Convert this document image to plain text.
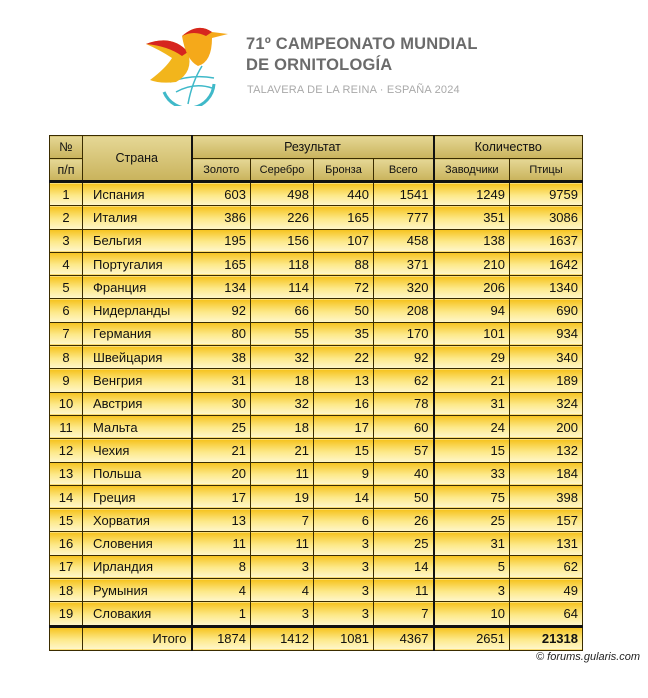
71º CAMPEONATO MUNDIAL
DE ORNITOLOGÍA
TALAVERA DE LA REINA · ESPAÑA 2024
№	Страна	Результат				Количество	
п/п		Золото	Серебро	Бронза	Всего	Заводчики	Птицы
1	Испания	603	498	440	1541	1249	9759
2	Италия	386	226	165	777	351	3086
3	Бельгия	195	156	107	458	138	1637
4	Португалия	165	118	88	371	210	1642
5	Франция	134	114	72	320	206	1340
6	Нидерланды	92	66	50	208	94	690
7	Германия	80	55	35	170	101	934
8	Швейцария	38	32	22	92	29	340
9	Венгрия	31	18	13	62	21	189
10	Австрия	30	32	16	78	31	324
11	Мальта	25	18	17	60	24	200
12	Чехия	21	21	15	57	15	132
13	Польша	20	11	9	40	33	184
14	Греция	17	19	14	50	75	398
15	Хорватия	13	7	6	26	25	157
16	Словения	11	11	3	25	31	131
17	Ирландия	8	3	3	14	5	62
18	Румыния	4	4	3	11	3	49
19	Словакия	1	3	3	7	10	64
	Итого	1874	1412	1081	4367	2651	21318
© forums.gularis.com
